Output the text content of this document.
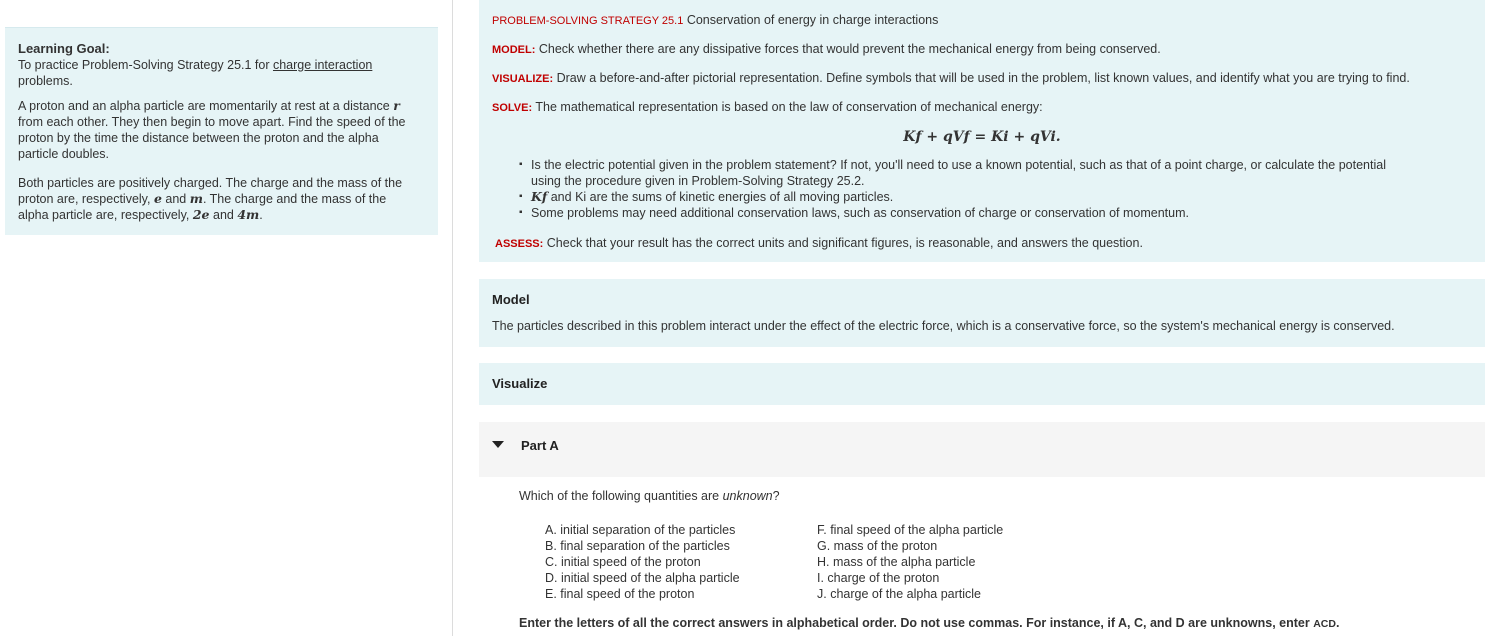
Learning Goal:
To practice Problem-Solving Strategy 25.1 for charge interaction
problems.
A proton and an alpha particle are momentarily at rest at a distance r
from each other. They then begin to move apart. Find the speed of the
proton by the time the distance between the proton and the alpha
particle doubles.
Both particles are positively charged. The charge and the mass of the
proton are, respectively, e and m. The charge and the mass of the
alpha particle are, respectively, 2e and 4m.
PROBLEM-SOLVING STRATEGY 25.1 Conservation of energy in charge interactions
MODEL: Check whether there are any dissipative forces that would prevent the mechanical energy from being conserved.
VISUALIZE: Draw a before-and-after pictorial representation. Define symbols that will be used in the problem, list known values, and identify what you are trying to find.
SOLVE: The mathematical representation is based on the law of conservation of mechanical energy:
Kf + qVf = Ki + qVi.
▪ Is the electric potential given in the problem statement? If not, you'll need to use a known potential, such as that of a point charge, or calculate the potential
using the procedure given in Problem-Solving Strategy 25.2.
▪ Kf and Ki are the sums of kinetic energies of all moving particles.
▪ Some problems may need additional conservation laws, such as conservation of charge or conservation of momentum.
ASSESS: Check that your result has the correct units and significant figures, is reasonable, and answers the question.
Model
The particles described in this problem interact under the effect of the electric force, which is a conservative force, so the system's mechanical energy is conserved.
Visualize
Part A
Which of the following quantities are unknown?
A. initial separation of the particles
B. final separation of the particles
C. initial speed of the proton
D. initial speed of the alpha particle
E. final speed of the proton
F. final speed of the alpha particle
G. mass of the proton
H. mass of the alpha particle
I. charge of the proton
J. charge of the alpha particle
Enter the letters of all the correct answers in alphabetical order. Do not use commas. For instance, if A, C, and D are unknowns, enter ACD.
